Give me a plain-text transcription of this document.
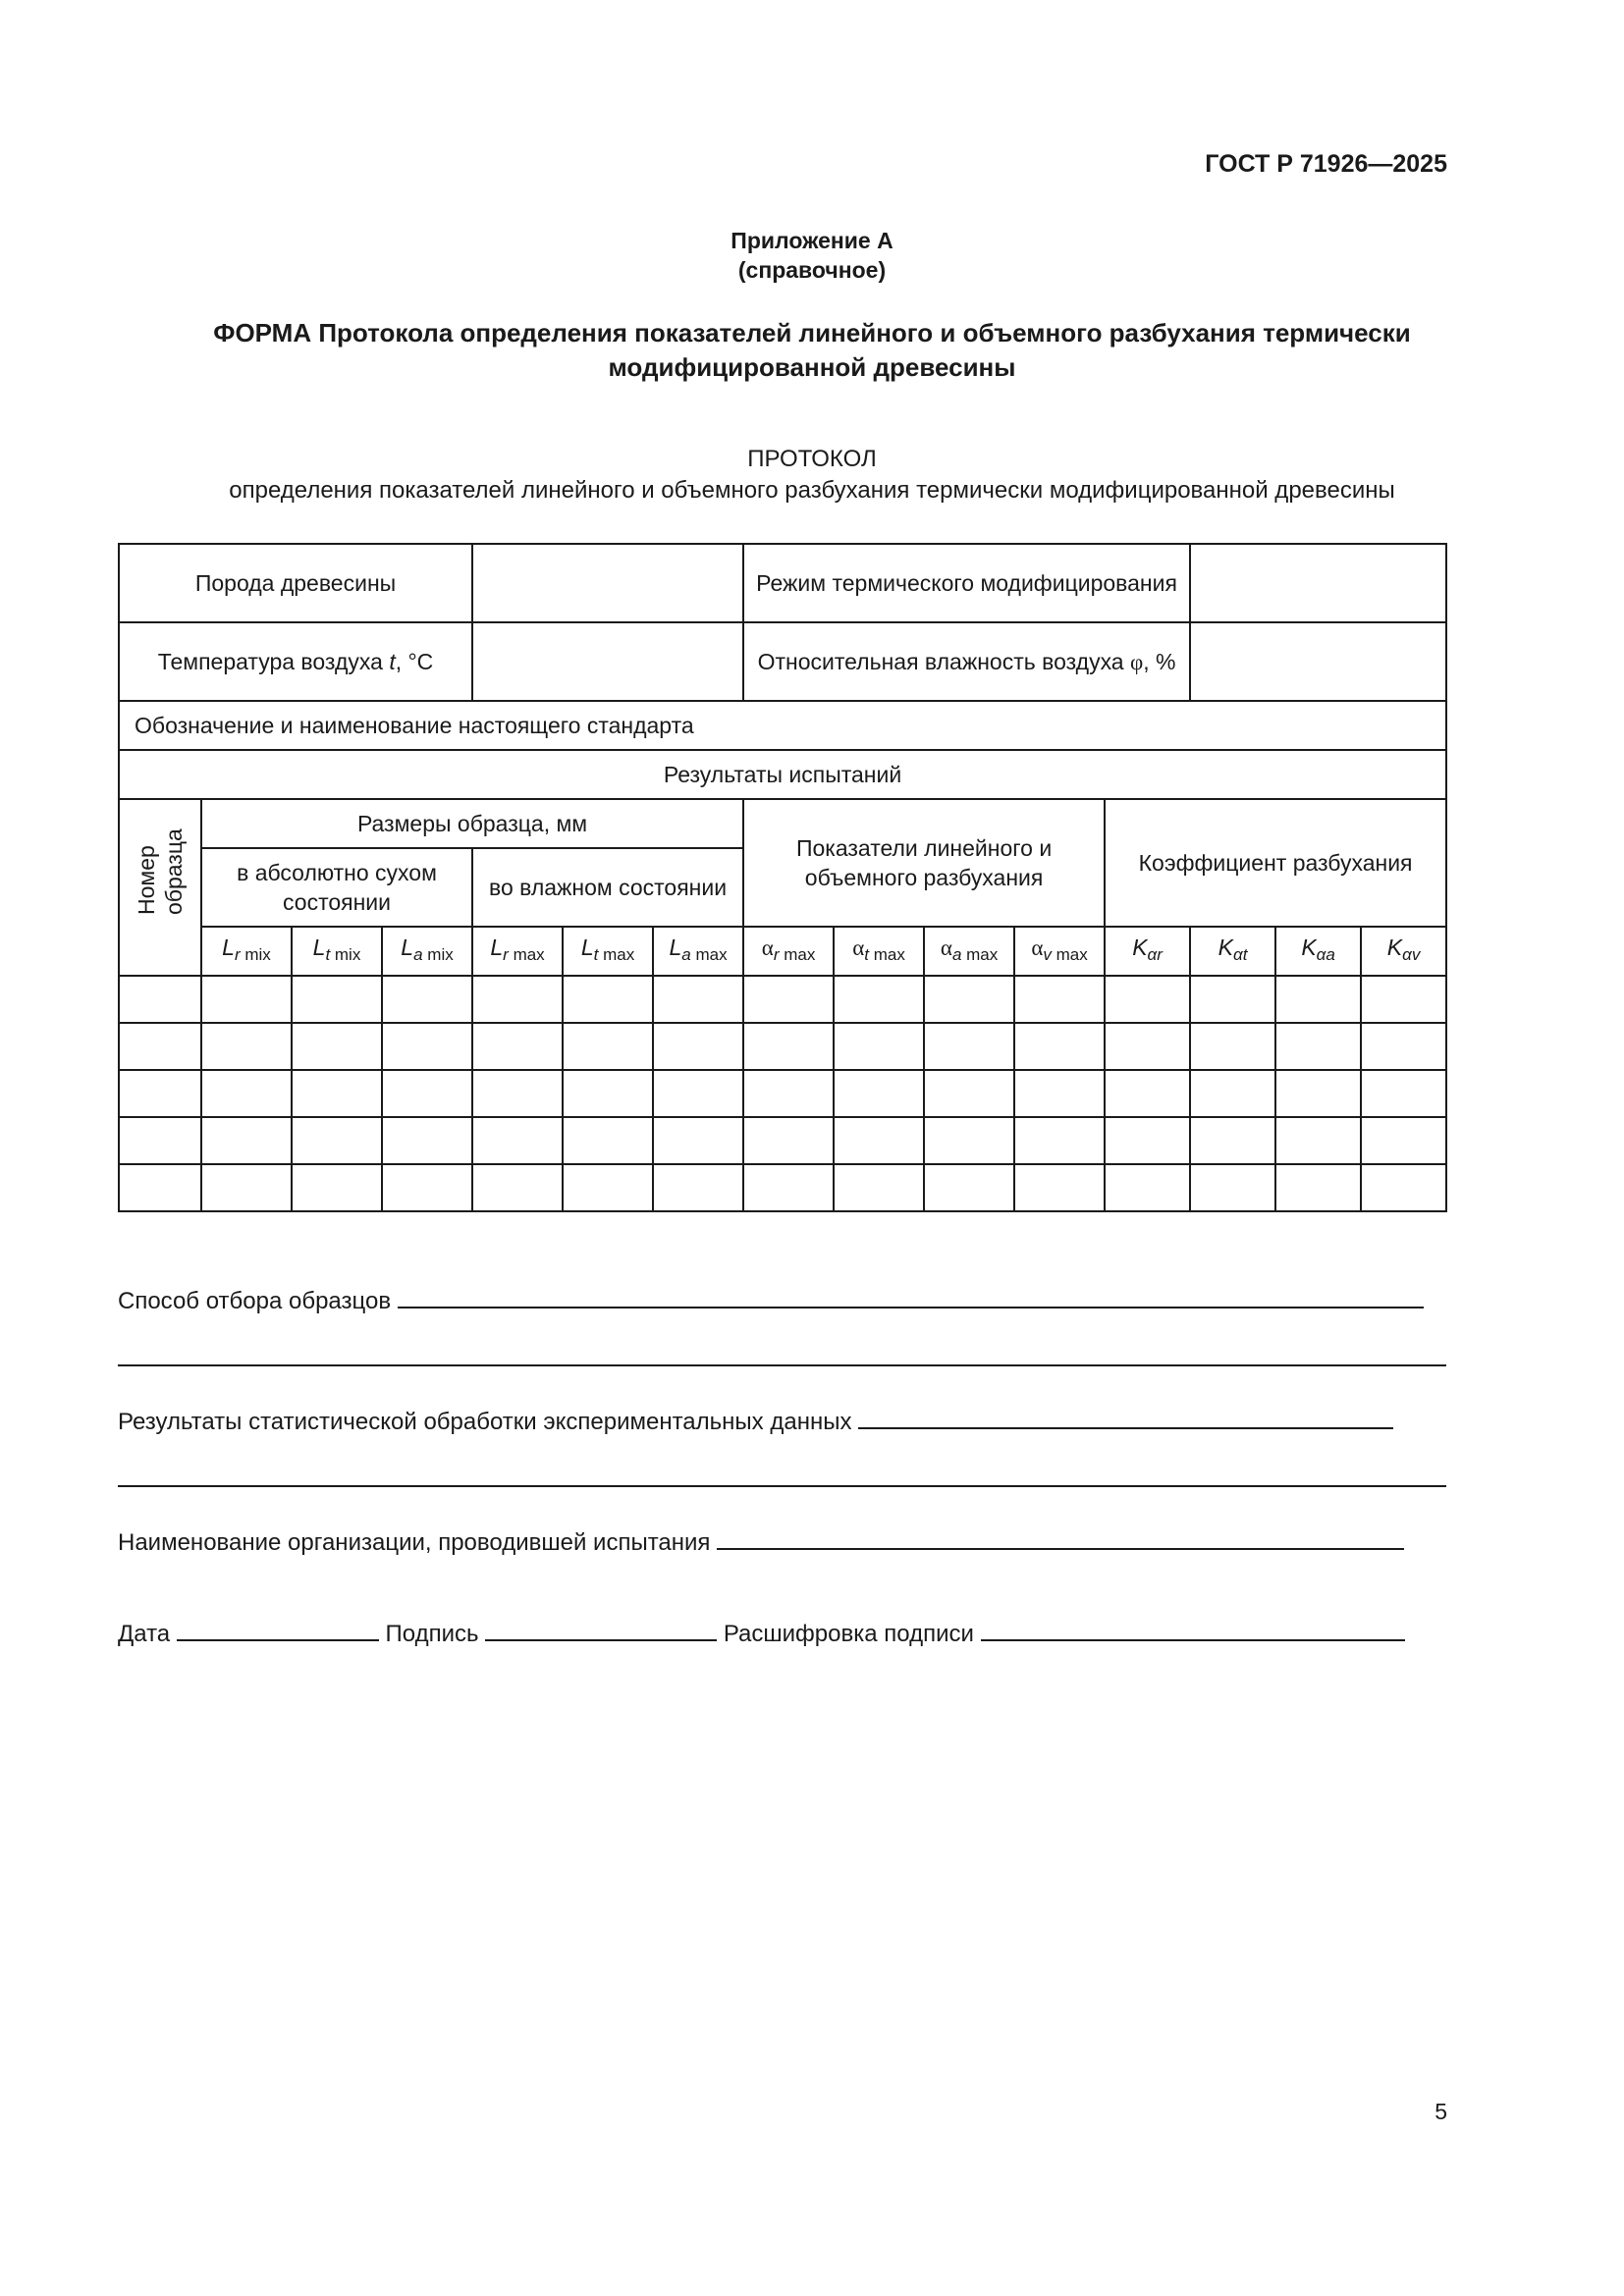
ГОСТ Р 71926—2025
Приложение А
(справочное)
ФОРМА Протокола определения показателей линейного и объемного разбухания термически модифицированной древесины
ПРОТОКОЛ
определения показателей линейного и объемного разбухания термически модифицированной древесины
Порода древесины							Режим термического модифицирования							
Температура воздуха t, °С							Относительная влажность воздуха φ, %							
Обозначение и наименование настоящего стандарта														
Результаты испытаний														
Номер образца	Размеры образца, мм						Показатели линейного и объемного разбухания				Коэффициент разбухания			
	в абсолютно сухом состоянии			во влажном состоянии										
	$L_{r mix}$	$L_{t mix}$	$L_{a mix}$	$L_{r max}$	$L_{t max}$	$L_{a max}$	$\alpha_{r max}$	$\alpha_{t max}$	$\alpha_{a max}$	$\alpha_{v max}$	$K_{\alpha r}$	$K_{\alpha t}$	$K_{\alpha a}$	$K_{\alpha v}$

Способ отбора образцов
Результаты статистической обработки экспериментальных данных
Наименование организации, проводившей испытания
Дата	Подпись	Расшифровка подписи
5
